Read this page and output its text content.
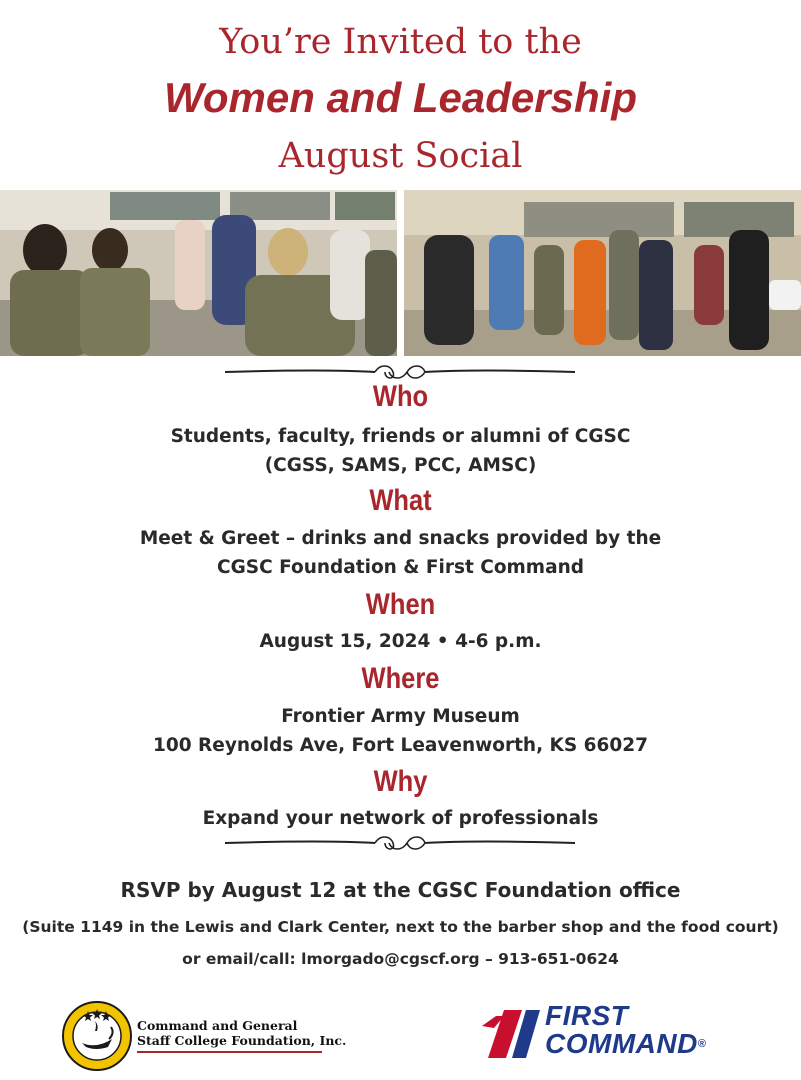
You’re Invited to the
Women and Leadership
August Social
Who
Students, faculty, friends or alumni of CGSC
(CGSS, SAMS, PCC, AMSC)
What
Meet & Greet – drinks and snacks provided by the
CGSC Foundation & First Command
When
August 15, 2024 • 4-6 p.m.
Where
Frontier Army Museum
100 Reynolds Ave, Fort Leavenworth, KS 66027
Why
Expand your network of professionals
RSVP by August 12 at the CGSC Foundation office
(Suite 1149 in the Lewis and Clark Center, next to the barber shop and the food court)
or email/call: lmorgado@cgscf.org – 913-651-0624
Command and General
Staff College Foundation, Inc.
FIRST
COMMAND®
